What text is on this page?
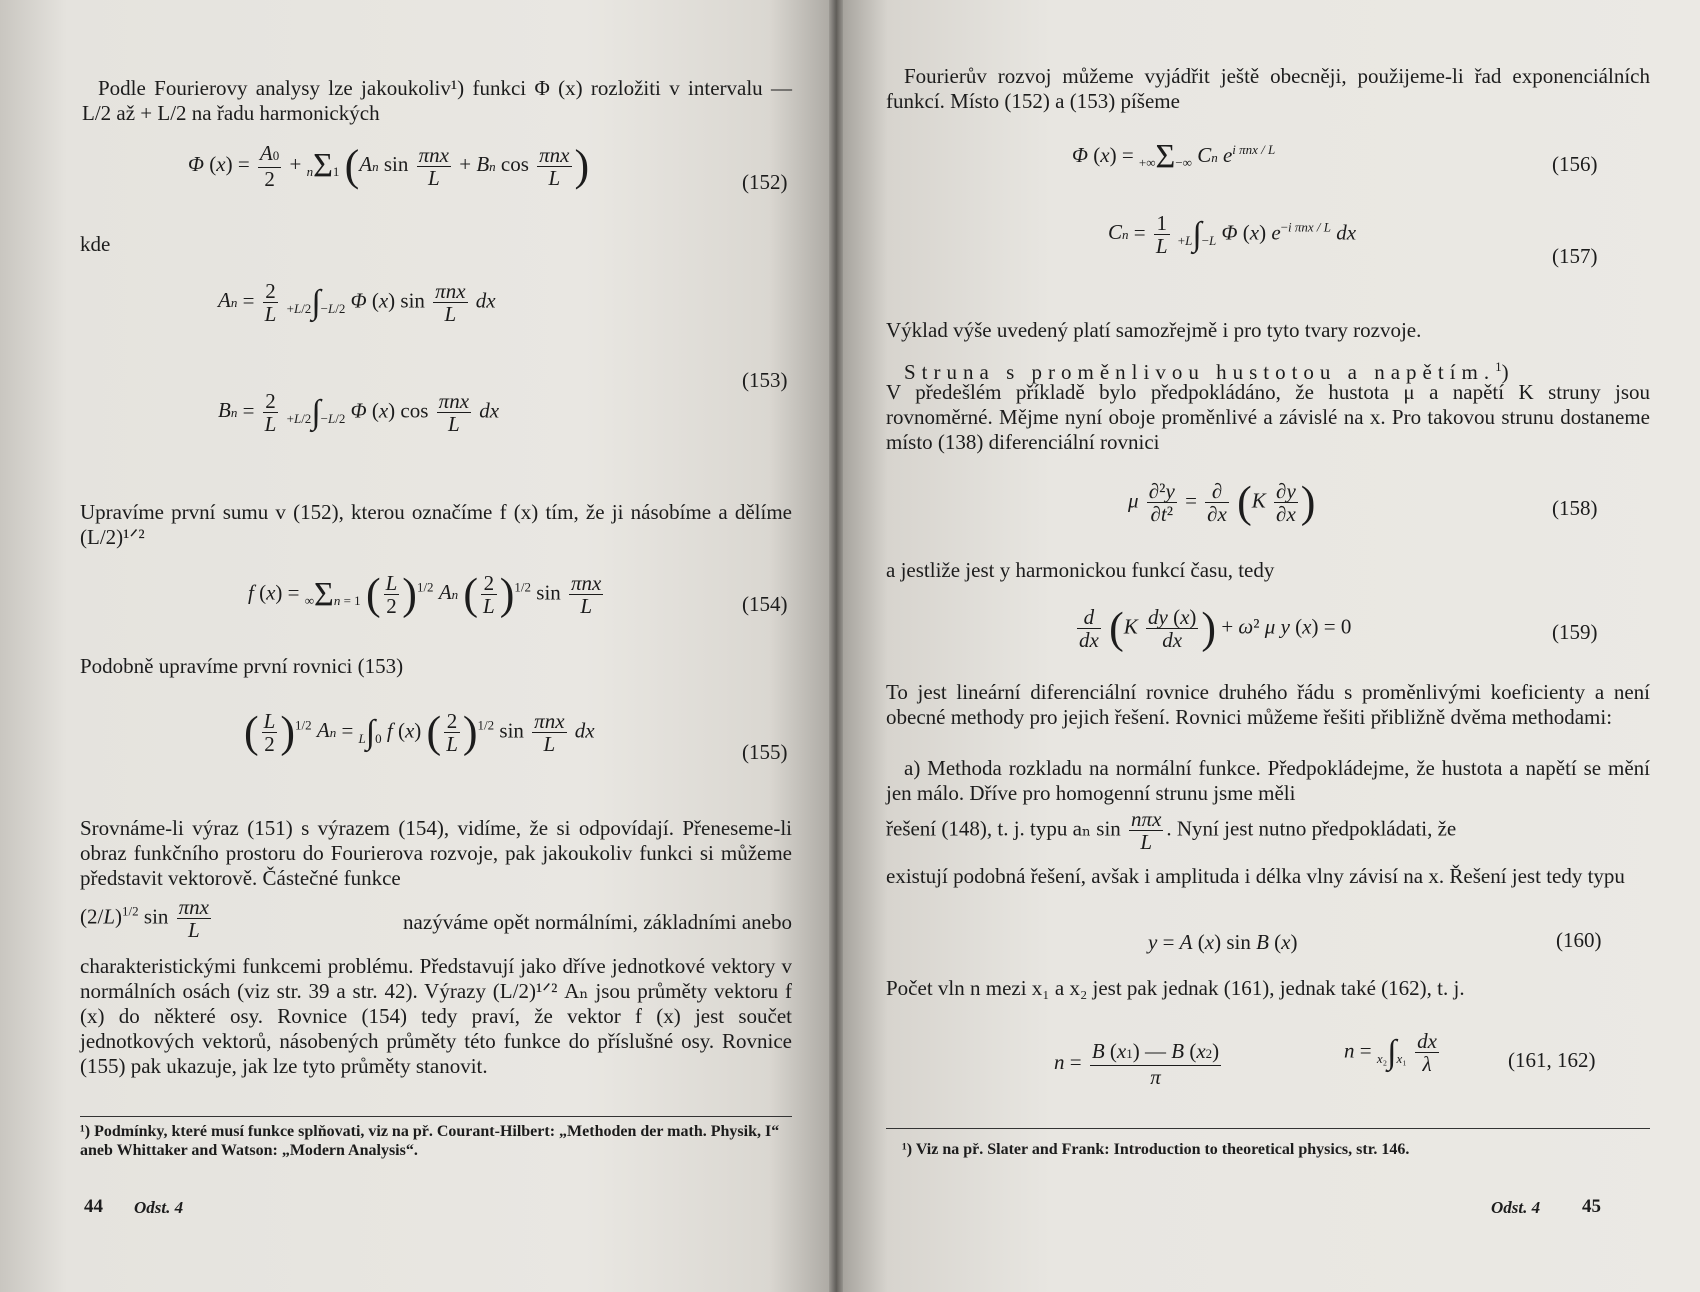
Podle Fourierovy analysy lze jakoukoliv¹) funkci Φ (x) rozložiti v intervalu — L/2 až + L/2 na řadu harmonických
Φ $(x) = \frac{A0}{2} + n\Sigma 1$ (An $\sin \frac{\text{πnx}}{L} + Bn$ $\cos \frac{\text{πnx}}{L}$ )	(152)
kde
$An = \frac{2}{L} +L/2\int-L/2$ Φ (x) $\sin \frac{\text{πnx}}{L}$ dx
$Bn = \frac{2}{L} +L/2\int-L/2$ Φ (x) $\cos \frac{\text{πnx}}{L}$ dx
(153)
Upravíme první sumu v (152), kterou označíme f (x) tím, že ji násobíme a dělíme (L/2)¹ᐟ²
f (x) = ∞Σn = 1 ( $\frac{L}{2} )^{1/2}$ An ( $\frac{2}{L} )^{1/2}$ $\sin \frac{\text{πnx}}{L}$	(154)
Podobně upravíme první rovnici (153)
( $\frac{L}{2} )^{1/2}$ An = L∫0 f (x) ( $\frac{2}{L} )^{1/2}$ $\sin \frac{\text{πnx}}{L}$ dx
(155)
Srovnáme-li výraz (151) s výrazem (154), vidíme, že si odpovídají. Přeneseme-li obraz funkčního prostoru do Fourierova rozvoje, pak jakoukoliv funkci si můžeme představit vektorově. Částečné funkce
$(2/L)^{1/2}$ $\sin \frac{\text{πnx}}{L}$	nazýváme opět normálními, základními anebo
charakteristickými funkcemi problému. Představují jako dříve jednotkové vektory v normálních osách (viz str. 39 a str. 42). Výrazy (L/2)¹ᐟ² Aₙ jsou průměty vektoru f (x) do některé osy. Rovnice (154) tedy praví, že vektor f (x) jest součet jednotkových vektorů, násobených průměty této funkce do příslušné osy. Rovnice (155) pak ukazuje, jak lze tyto průměty stanovit.
¹) Podmínky, které musí funkce splňovati, viz na př. Courant-Hilbert: „Methoden der math. Physik, I“ aneb Whittaker and Watson: „Modern Analysis“.
44 Odst. 4
Fourierův rozvoj můžeme vyjádřit ještě obecněji, použijeme-li řad exponenciálních funkcí. Místo (152) a (153) píšeme
Φ (x) = +∞Σ−∞ Cn $e^{i \pi nx / L}$
(156)
$Cn = \frac{1}{L} +L\int-L$ Φ (x) $e^{-i \pi nx / L}$ dx
(157)
Výklad výše uvedený platí samozřejmě i pro tyto tvary rozvoje.
Struna s proměnlivou hustotou a napětím.$^1$)
V předešlém příkladě bylo předpokládáno, že hustota μ a napětí K struny jsou rovnoměrné. Mějme nyní oboje proměnlivé a závislé na x. Pro takovou strunu dostaneme místo (138) diferenciální rovnici
μ $\frac{\text{∂²y}}{\text{∂t²}} = \frac{\partial}{\partial x} (K \frac{\partial y}{\partial x}$ )	(158)
a jestliže jest y harmonickou funkcí času, tedy
$\frac{d}{dx} (K \frac{dy (x)}{dx}$ ) + ω² μ y (x) = 0	(159)
To jest lineární diferenciální rovnice druhého řádu s proměnlivými koeficienty a není obecné methody pro jejich řešení. Rovnici můžeme řešiti přibližně dvěma methodami:
a) Methoda rozkladu na normální funkce. Předpokládejme, že hustota a napětí se mění jen málo. Dříve pro homogenní strunu jsme měli
řešení (148), t. j. typu aₙ $\sin \frac{\text{nπx}}{L}$ . Nyní jest nutno předpokládati, že
existují podobná řešení, avšak i amplituda i délka vlny závisí na x. Řešení jest tedy typu
y = A (x) sin B (x)	(160)
Počet vln n mezi x₁ a x₂ jest pak jednak (161), jednak také (162), t. j.
$n = \frac{B (x1) — B (x2)}{\pi}$	$n = x_2\int x_1 \frac{dx}{\lambda}$	(161, 162)
¹) Viz na př. Slater and Frank: Introduction to theoretical physics, str. 146.
Odst. 4 45
